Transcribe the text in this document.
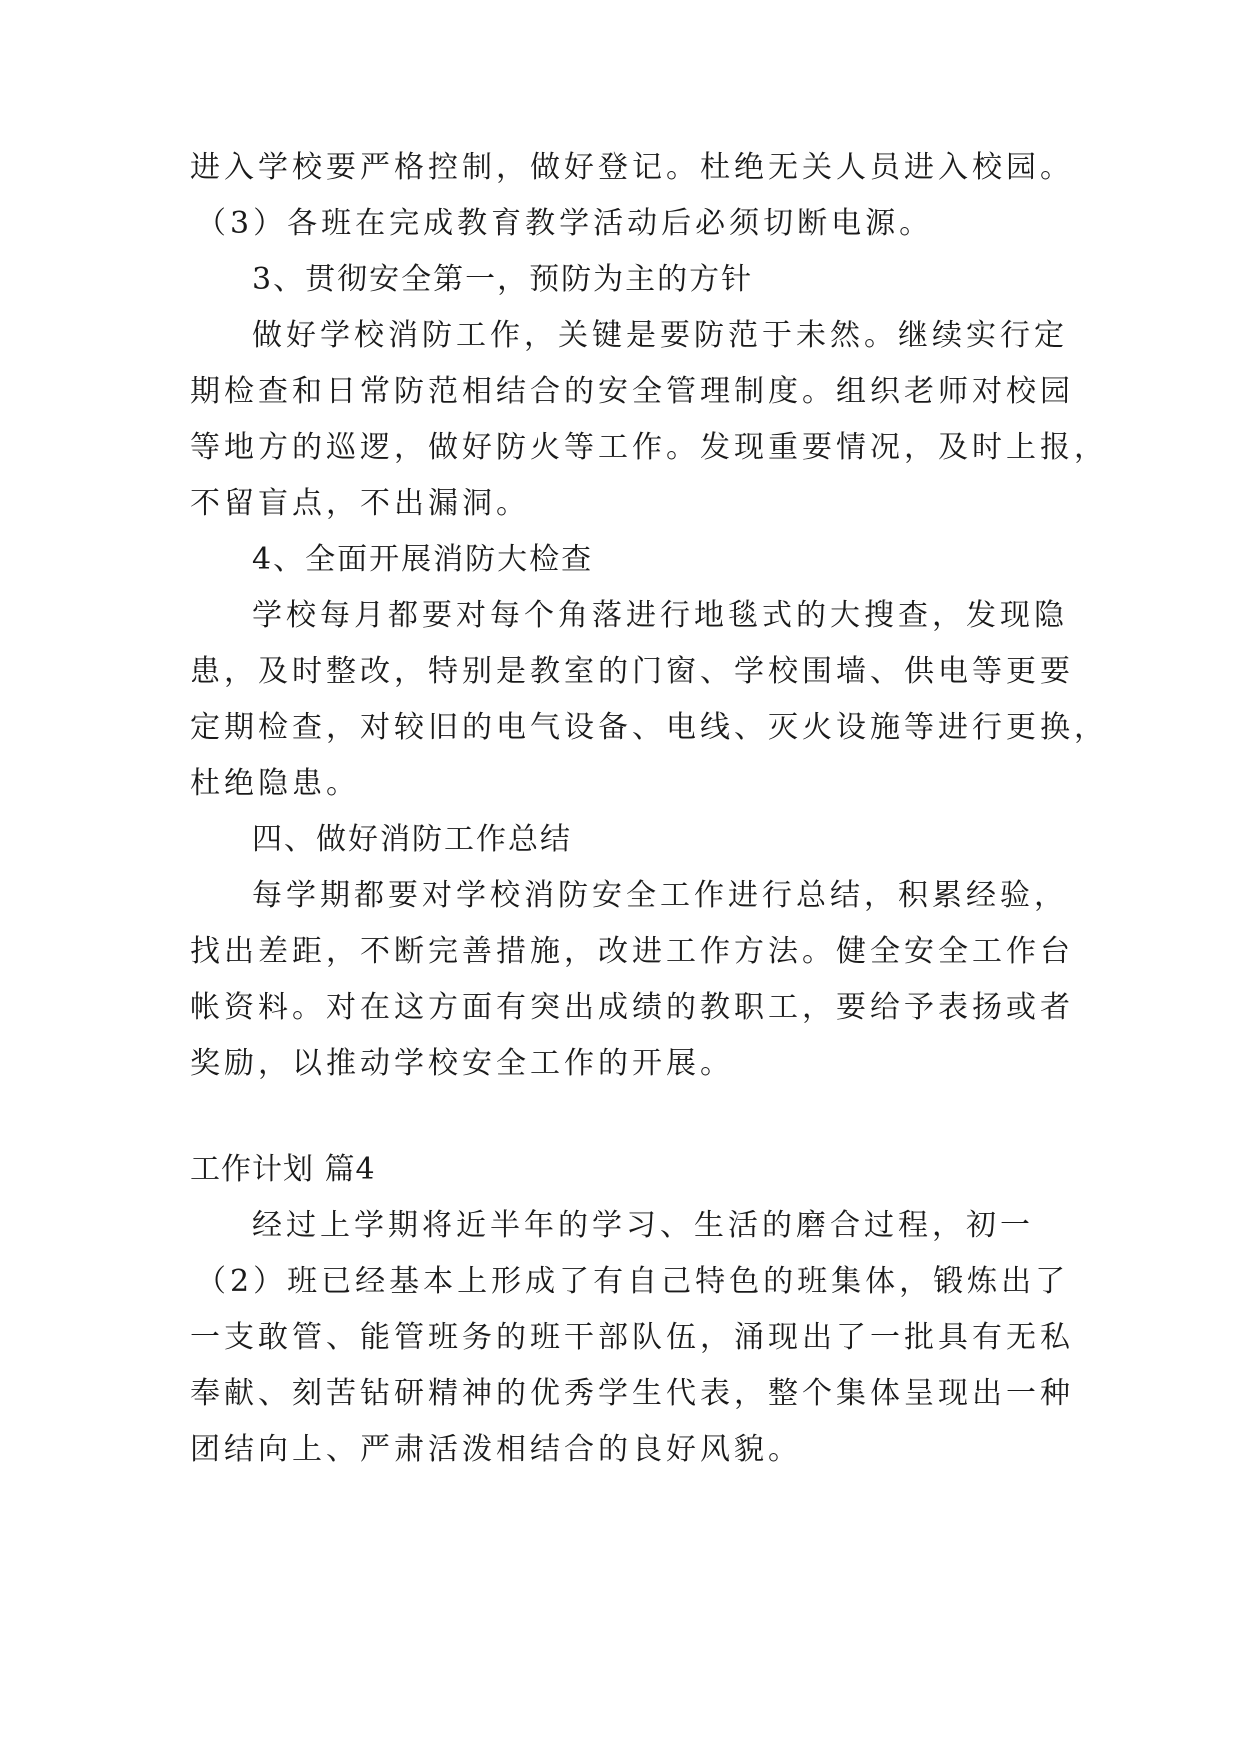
进入学校要严格控制，做好登记。杜绝无关人员进入校园。
（3）各班在完成教育教学活动后必须切断电源。
3、贯彻安全第一，预防为主的方针
做好学校消防工作，关键是要防范于未然。继续实行定
期检查和日常防范相结合的安全管理制度。组织老师对校园
等地方的巡逻，做好防火等工作。发现重要情况，及时上报，
不留盲点，不出漏洞。
4、全面开展消防大检查
学校每月都要对每个角落进行地毯式的大搜查，发现隐
患，及时整改，特别是教室的门窗、学校围墙、供电等更要
定期检查，对较旧的电气设备、电线、灭火设施等进行更换，
杜绝隐患。
四、做好消防工作总结
每学期都要对学校消防安全工作进行总结，积累经验，
找出差距，不断完善措施，改进工作方法。健全安全工作台
帐资料。对在这方面有突出成绩的教职工，要给予表扬或者
奖励，以推动学校安全工作的开展。
工作计划 篇4
经过上学期将近半年的学习、生活的磨合过程，初一
（2）班已经基本上形成了有自己特色的班集体，锻炼出了
一支敢管、能管班务的班干部队伍，涌现出了一批具有无私
奉献、刻苦钻研精神的优秀学生代表，整个集体呈现出一种
团结向上、严肃活泼相结合的良好风貌。
